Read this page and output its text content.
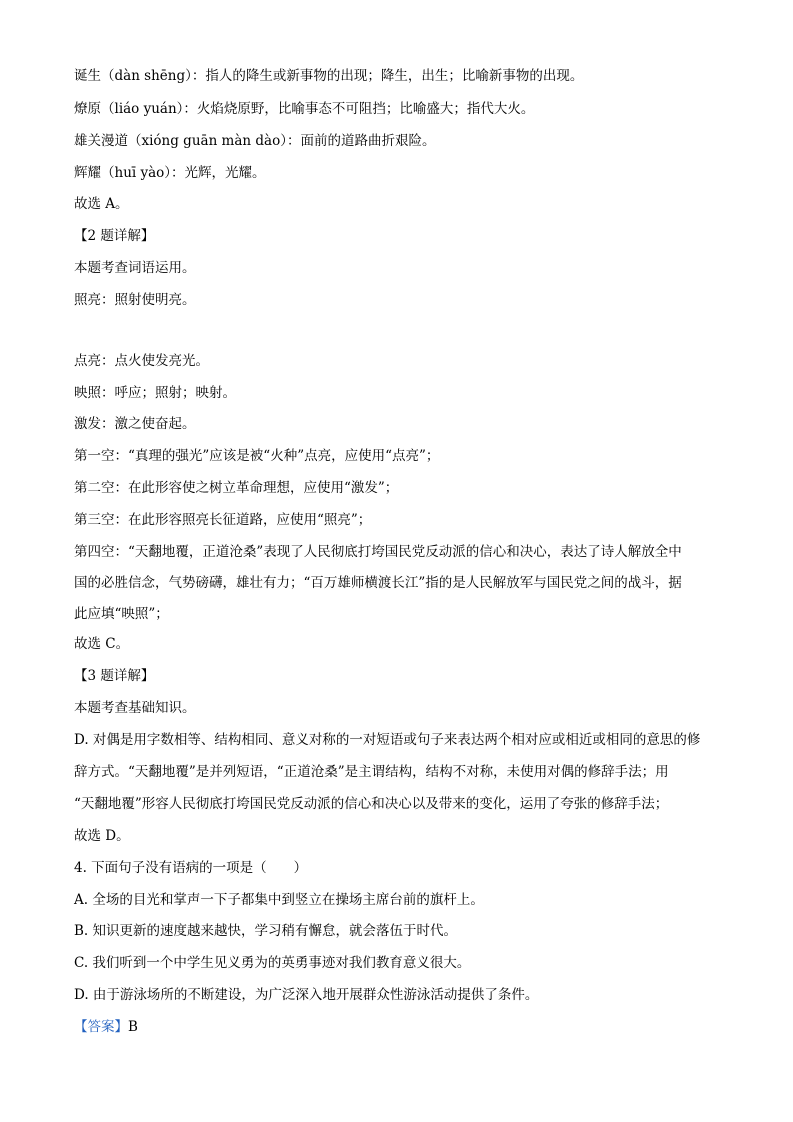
诞生（dàn shēng）：指人的降生或新事物的出现；降生，出生；比喻新事物的出现。
燎原（liáo yuán）：火焰烧原野，比喻事态不可阻挡；比喻盛大；指代大火。
雄关漫道（xióng guān màn dào）：面前的道路曲折艰险。
辉耀（huī yào）：光辉，光耀。
故选 A。
【2 题详解】
本题考查词语运用。
照亮：照射使明亮。
点亮：点火使发亮光。
映照：呼应；照射；映射。
激发：激之使奋起。
第一空：“真理的强光”应该是被“火种”点亮，应使用“点亮”；
第二空：在此形容使之树立革命理想，应使用“激发”；
第三空：在此形容照亮长征道路，应使用“照亮”；
第四空：“天翻地覆，正道沧桑”表现了人民彻底打垮国民党反动派的信心和决心，表达了诗人解放全中
国的必胜信念，气势磅礴，雄壮有力；“百万雄师横渡长江”指的是人民解放军与国民党之间的战斗，据
此应填“映照”；
故选 C。
【3 题详解】
本题考查基础知识。
D. 对偶是用字数相等、结构相同、意义对称的一对短语或句子来表达两个相对应或相近或相同的意思的修
辞方式。“天翻地覆”是并列短语，“正道沧桑”是主谓结构，结构不对称，未使用对偶的修辞手法；用
“天翻地覆”形容人民彻底打垮国民党反动派的信心和决心以及带来的变化，运用了夸张的修辞手法；
故选 D。
4. 下面句子没有语病的一项是（　　）
A. 全场的目光和掌声一下子都集中到竖立在操场主席台前的旗杆上。
B. 知识更新的速度越来越快，学习稍有懈怠，就会落伍于时代。
C. 我们听到一个中学生见义勇为的英勇事迹对我们教育意义很大。
D. 由于游泳场所的不断建设，为广泛深入地开展群众性游泳活动提供了条件。
【答案】B
